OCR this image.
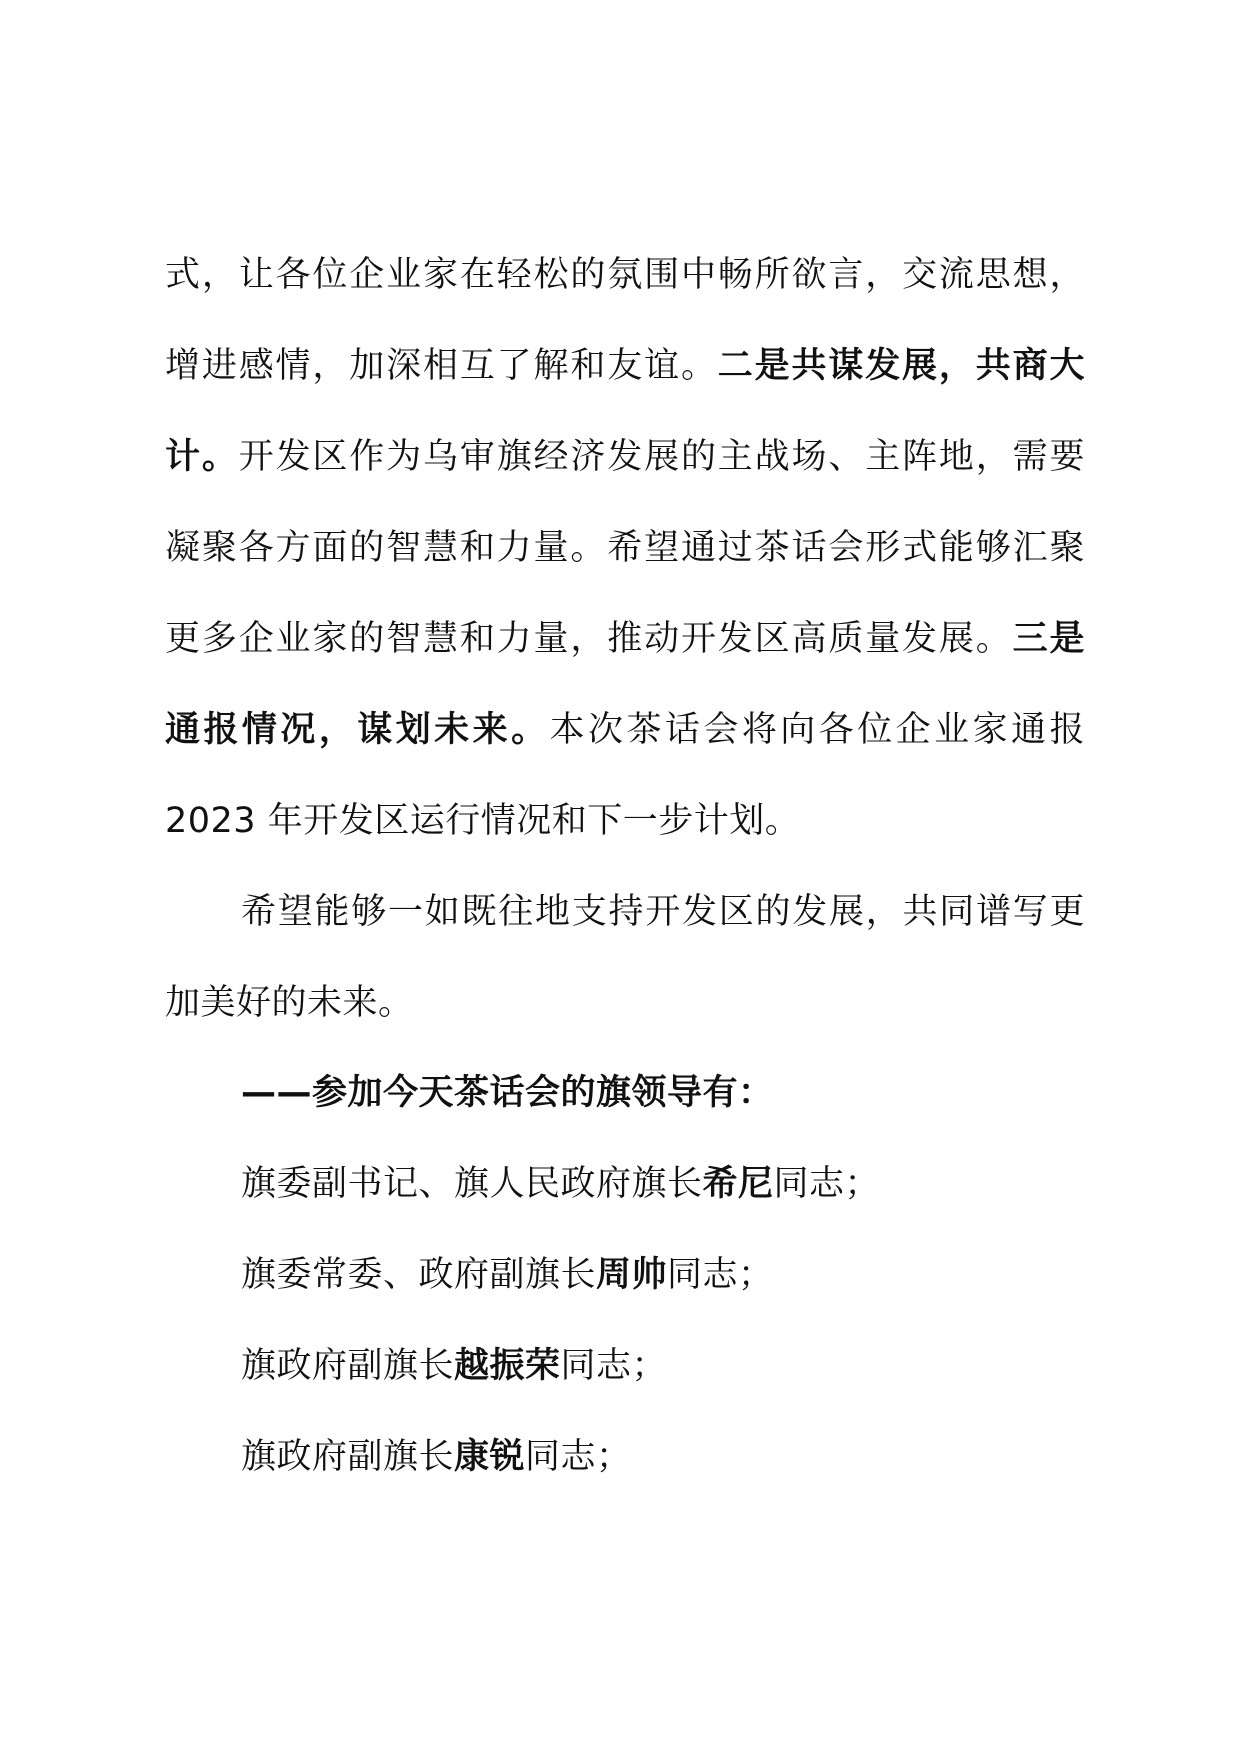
式，让各位企业家在轻松的氛围中畅所欲言，交流思想，增进感情，加深相互了解和友谊。二是共谋发展，共商大计。开发区作为乌审旗经济发展的主战场、主阵地，需要凝聚各方面的智慧和力量。希望通过茶话会形式能够汇聚更多企业家的智慧和力量，推动开发区高质量发展。三是通报情况，谋划未来。本次茶话会将向各位企业家通报 2023 年开发区运行情况和下一步计划。

希望能够一如既往地支持开发区的发展，共同谱写更加美好的未来。

——参加今天茶话会的旗领导有：

旗委副书记、旗人民政府旗长希尼同志；

旗委常委、政府副旗长周帅同志；

旗政府副旗长越振荣同志；

旗政府副旗长康锐同志；
